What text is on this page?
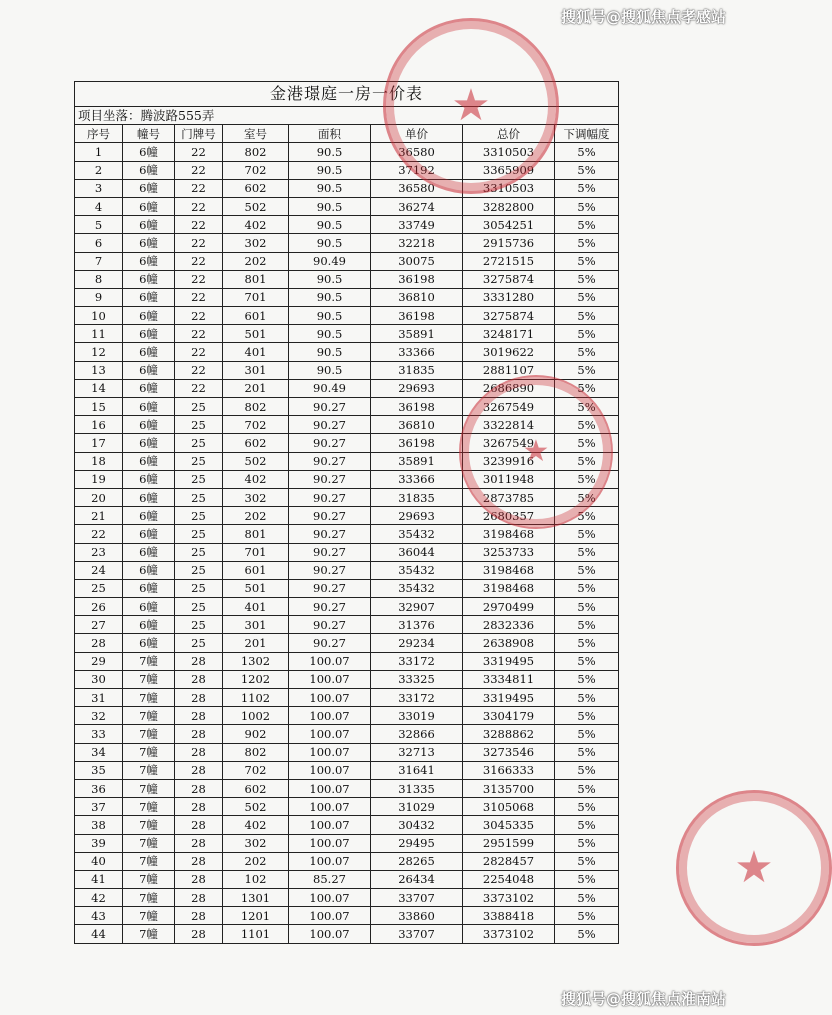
搜狐号@搜狐焦点孝感站
金港璟庭一房一价表							
项目坐落：腾波路555弄							
序号	幢号	门牌号	室号	面积	单价	总价	下调幅度
1	6幢	22	802	90.5	36580	3310503	5%
2	6幢	22	702	90.5	37192	3365909	5%
3	6幢	22	602	90.5	36580	3310503	5%
4	6幢	22	502	90.5	36274	3282800	5%
5	6幢	22	402	90.5	33749	3054251	5%
6	6幢	22	302	90.5	32218	2915736	5%
7	6幢	22	202	90.49	30075	2721515	5%
8	6幢	22	801	90.5	36198	3275874	5%
9	6幢	22	701	90.5	36810	3331280	5%
10	6幢	22	601	90.5	36198	3275874	5%
11	6幢	22	501	90.5	35891	3248171	5%
12	6幢	22	401	90.5	33366	3019622	5%
13	6幢	22	301	90.5	31835	2881107	5%
14	6幢	22	201	90.49	29693	2686890	5%
15	6幢	25	802	90.27	36198	3267549	5%
16	6幢	25	702	90.27	36810	3322814	5%
17	6幢	25	602	90.27	36198	3267549	5%
18	6幢	25	502	90.27	35891	3239916	5%
19	6幢	25	402	90.27	33366	3011948	5%
20	6幢	25	302	90.27	31835	2873785	5%
21	6幢	25	202	90.27	29693	2680357	5%
22	6幢	25	801	90.27	35432	3198468	5%
23	6幢	25	701	90.27	36044	3253733	5%
24	6幢	25	601	90.27	35432	3198468	5%
25	6幢	25	501	90.27	35432	3198468	5%
26	6幢	25	401	90.27	32907	2970499	5%
27	6幢	25	301	90.27	31376	2832336	5%
28	6幢	25	201	90.27	29234	2638908	5%
29	7幢	28	1302	100.07	33172	3319495	5%
30	7幢	28	1202	100.07	33325	3334811	5%
31	7幢	28	1102	100.07	33172	3319495	5%
32	7幢	28	1002	100.07	33019	3304179	5%
33	7幢	28	902	100.07	32866	3288862	5%
34	7幢	28	802	100.07	32713	3273546	5%
35	7幢	28	702	100.07	31641	3166333	5%
36	7幢	28	602	100.07	31335	3135700	5%
37	7幢	28	502	100.07	31029	3105068	5%
38	7幢	28	402	100.07	30432	3045335	5%
39	7幢	28	302	100.07	29495	2951599	5%
40	7幢	28	202	100.07	28265	2828457	5%
41	7幢	28	102	85.27	26434	2254048	5%
42	7幢	28	1301	100.07	33707	3373102	5%
43	7幢	28	1201	100.07	33860	3388418	5%
44	7幢	28	1101	100.07	33707	3373102	5%
★
★
★
搜狐号@搜狐焦点淮南站
